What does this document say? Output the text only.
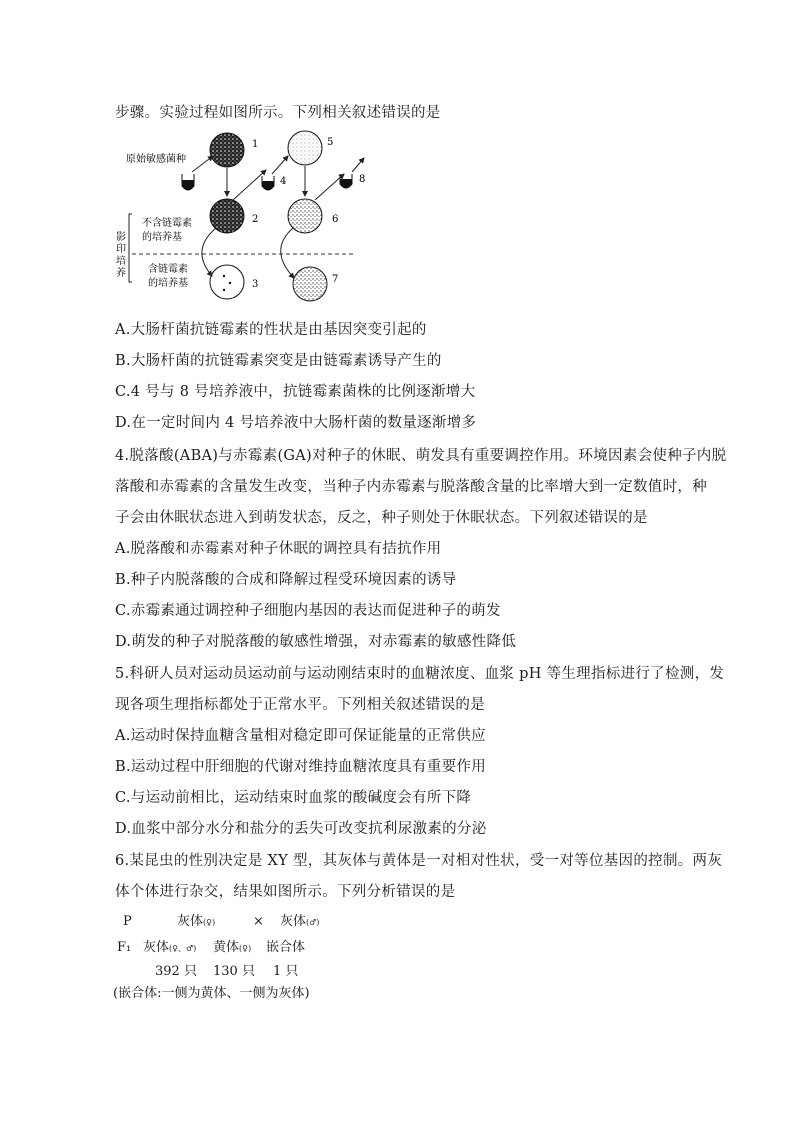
步骤。实验过程如图所示。下列相关叙述错误的是
原始敏感菌种
不含链霉素
的培养基
含链霉素
的培养基
影
印
培
养
1
2
3
5
6
7
4	8
A.大肠杆菌抗链霉素的性状是由基因突变引起的
B.大肠杆菌的抗链霉素突变是由链霉素诱导产生的
C.4 号与 8 号培养液中，抗链霉素菌株的比例逐渐增大
D.在一定时间内 4 号培养液中大肠杆菌的数量逐渐增多
4.脱落酸(ABA)与赤霉素(GA)对种子的休眠、萌发具有重要调控作用。环境因素会使种子内脱
落酸和赤霉素的含量发生改变，当种子内赤霉素与脱落酸含量的比率增大到一定数值时，种
子会由休眠状态进入到萌发状态，反之，种子则处于休眠状态。下列叙述错误的是
A.脱落酸和赤霉素对种子休眠的调控具有拮抗作用
B.种子内脱落酸的合成和降解过程受环境因素的诱导
C.赤霉素通过调控种子细胞内基因的表达而促进种子的萌发
D.萌发的种子对脱落酸的敏感性增强，对赤霉素的敏感性降低
5.科研人员对运动员运动前与运动刚结束时的血糖浓度、血浆 pH 等生理指标进行了检测，发
现各项生理指标都处于正常水平。下列相关叙述错误的是
A.运动时保持血糖含量相对稳定即可保证能量的正常供应
B.运动过程中肝细胞的代谢对维持血糖浓度具有重要作用
C.与运动前相比，运动结束时血浆的酸碱度会有所下降
D.血浆中部分水分和盐分的丢失可改变抗利尿激素的分泌
6.某昆虫的性别决定是 XY 型，其灰体与黄体是一对相对性状，受一对等位基因的控制。两灰
体个体进行杂交，结果如图所示。下列分析错误的是
P	灰体(♀)	× 灰体(♂)
F₁ 灰体(♀、♂) 黄体(♀) 嵌合体
392 只 130 只 1 只
(嵌合体:一侧为黄体、一侧为灰体)
